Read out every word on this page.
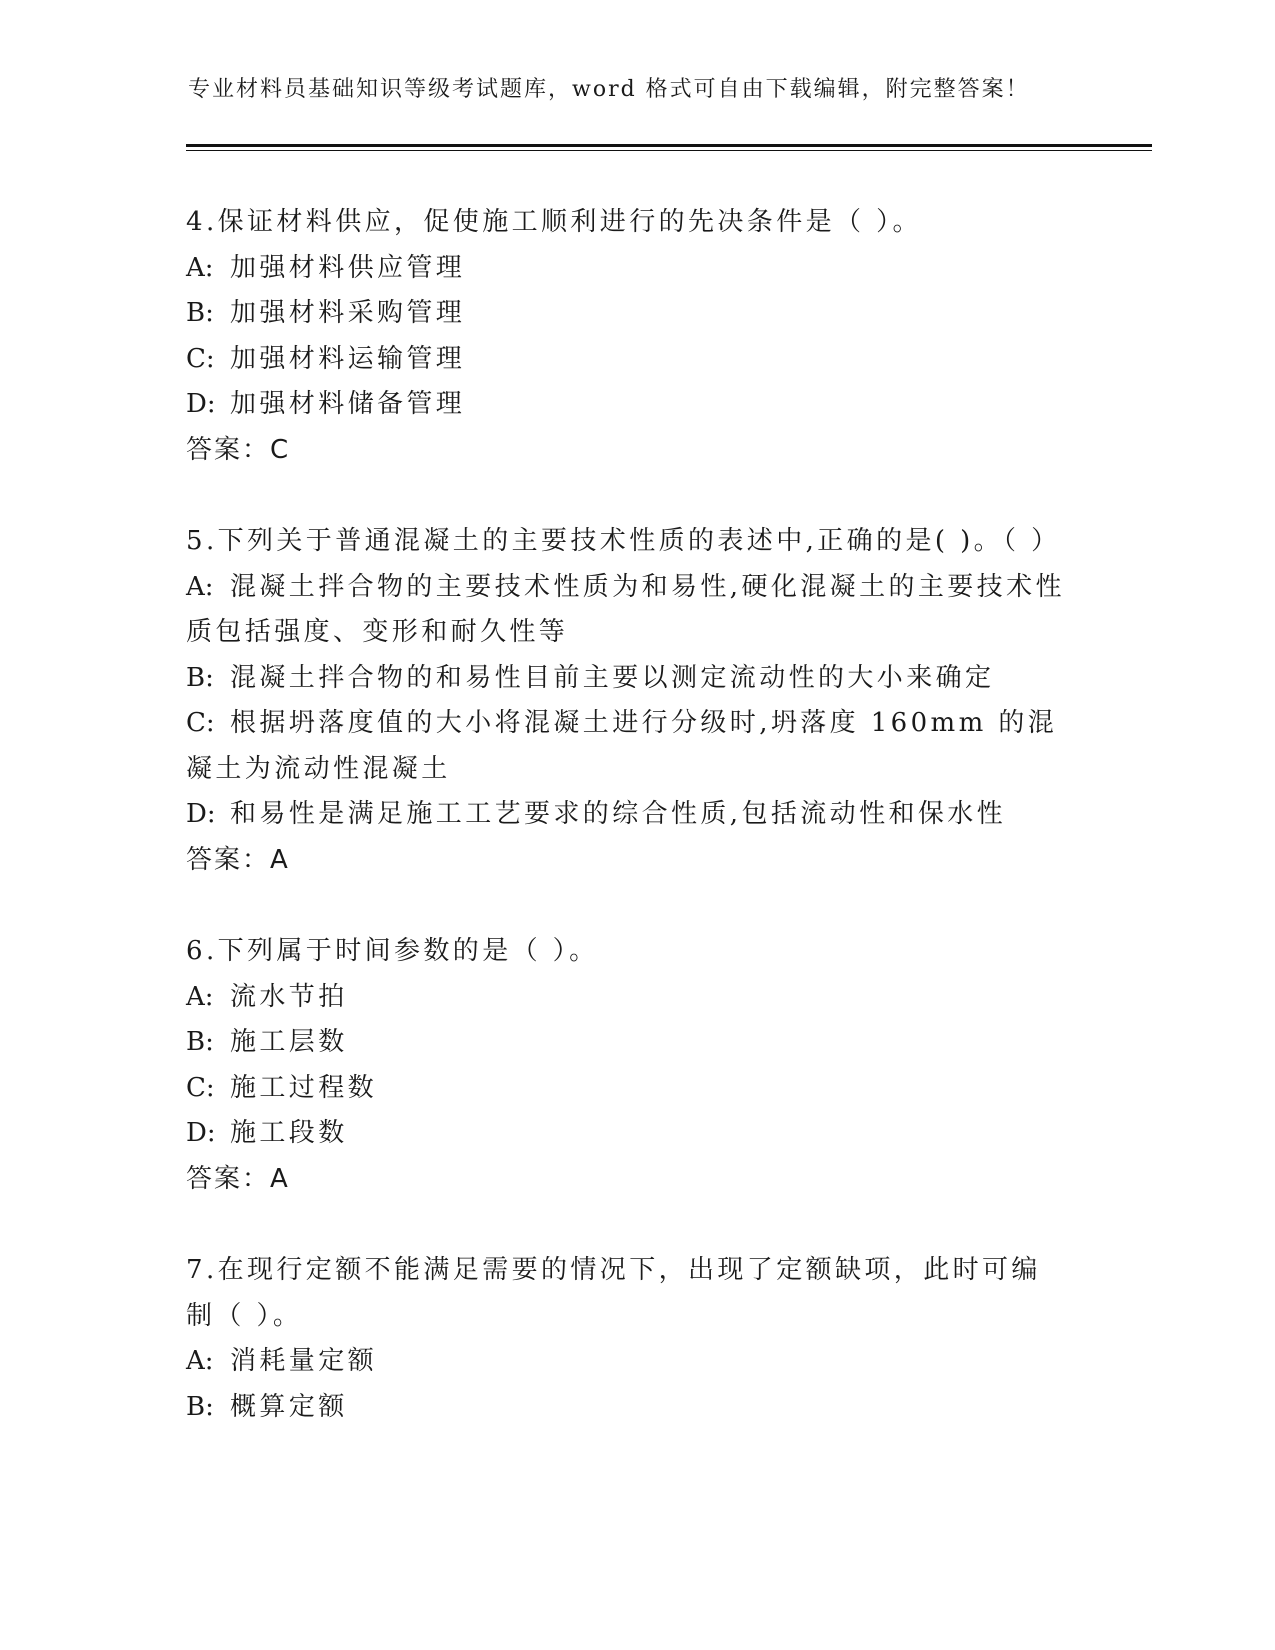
专业材料员基础知识等级考试题库，word 格式可自由下载编辑，附完整答案！

4.保证材料供应，促使施工顺利进行的先决条件是（ ）。

A: 加强材料供应管理

B: 加强材料采购管理

C: 加强材料运输管理

D: 加强材料储备管理

答案：C

5.下列关于普通混凝土的主要技术性质的表述中,正确的是( )。（ ）

A: 混凝土拌合物的主要技术性质为和易性,硬化混凝土的主要技术性质包括强度、变形和耐久性等

B: 混凝土拌合物的和易性目前主要以测定流动性的大小来确定

C: 根据坍落度值的大小将混凝土进行分级时,坍落度 160mm 的混凝土为流动性混凝土

D: 和易性是满足施工工艺要求的综合性质,包括流动性和保水性

答案：A

6.下列属于时间参数的是（ ）。

A: 流水节拍

B: 施工层数

C: 施工过程数

D: 施工段数

答案：A

7.在现行定额不能满足需要的情况下，出现了定额缺项，此时可编制（ ）。

A: 消耗量定额

B: 概算定额
